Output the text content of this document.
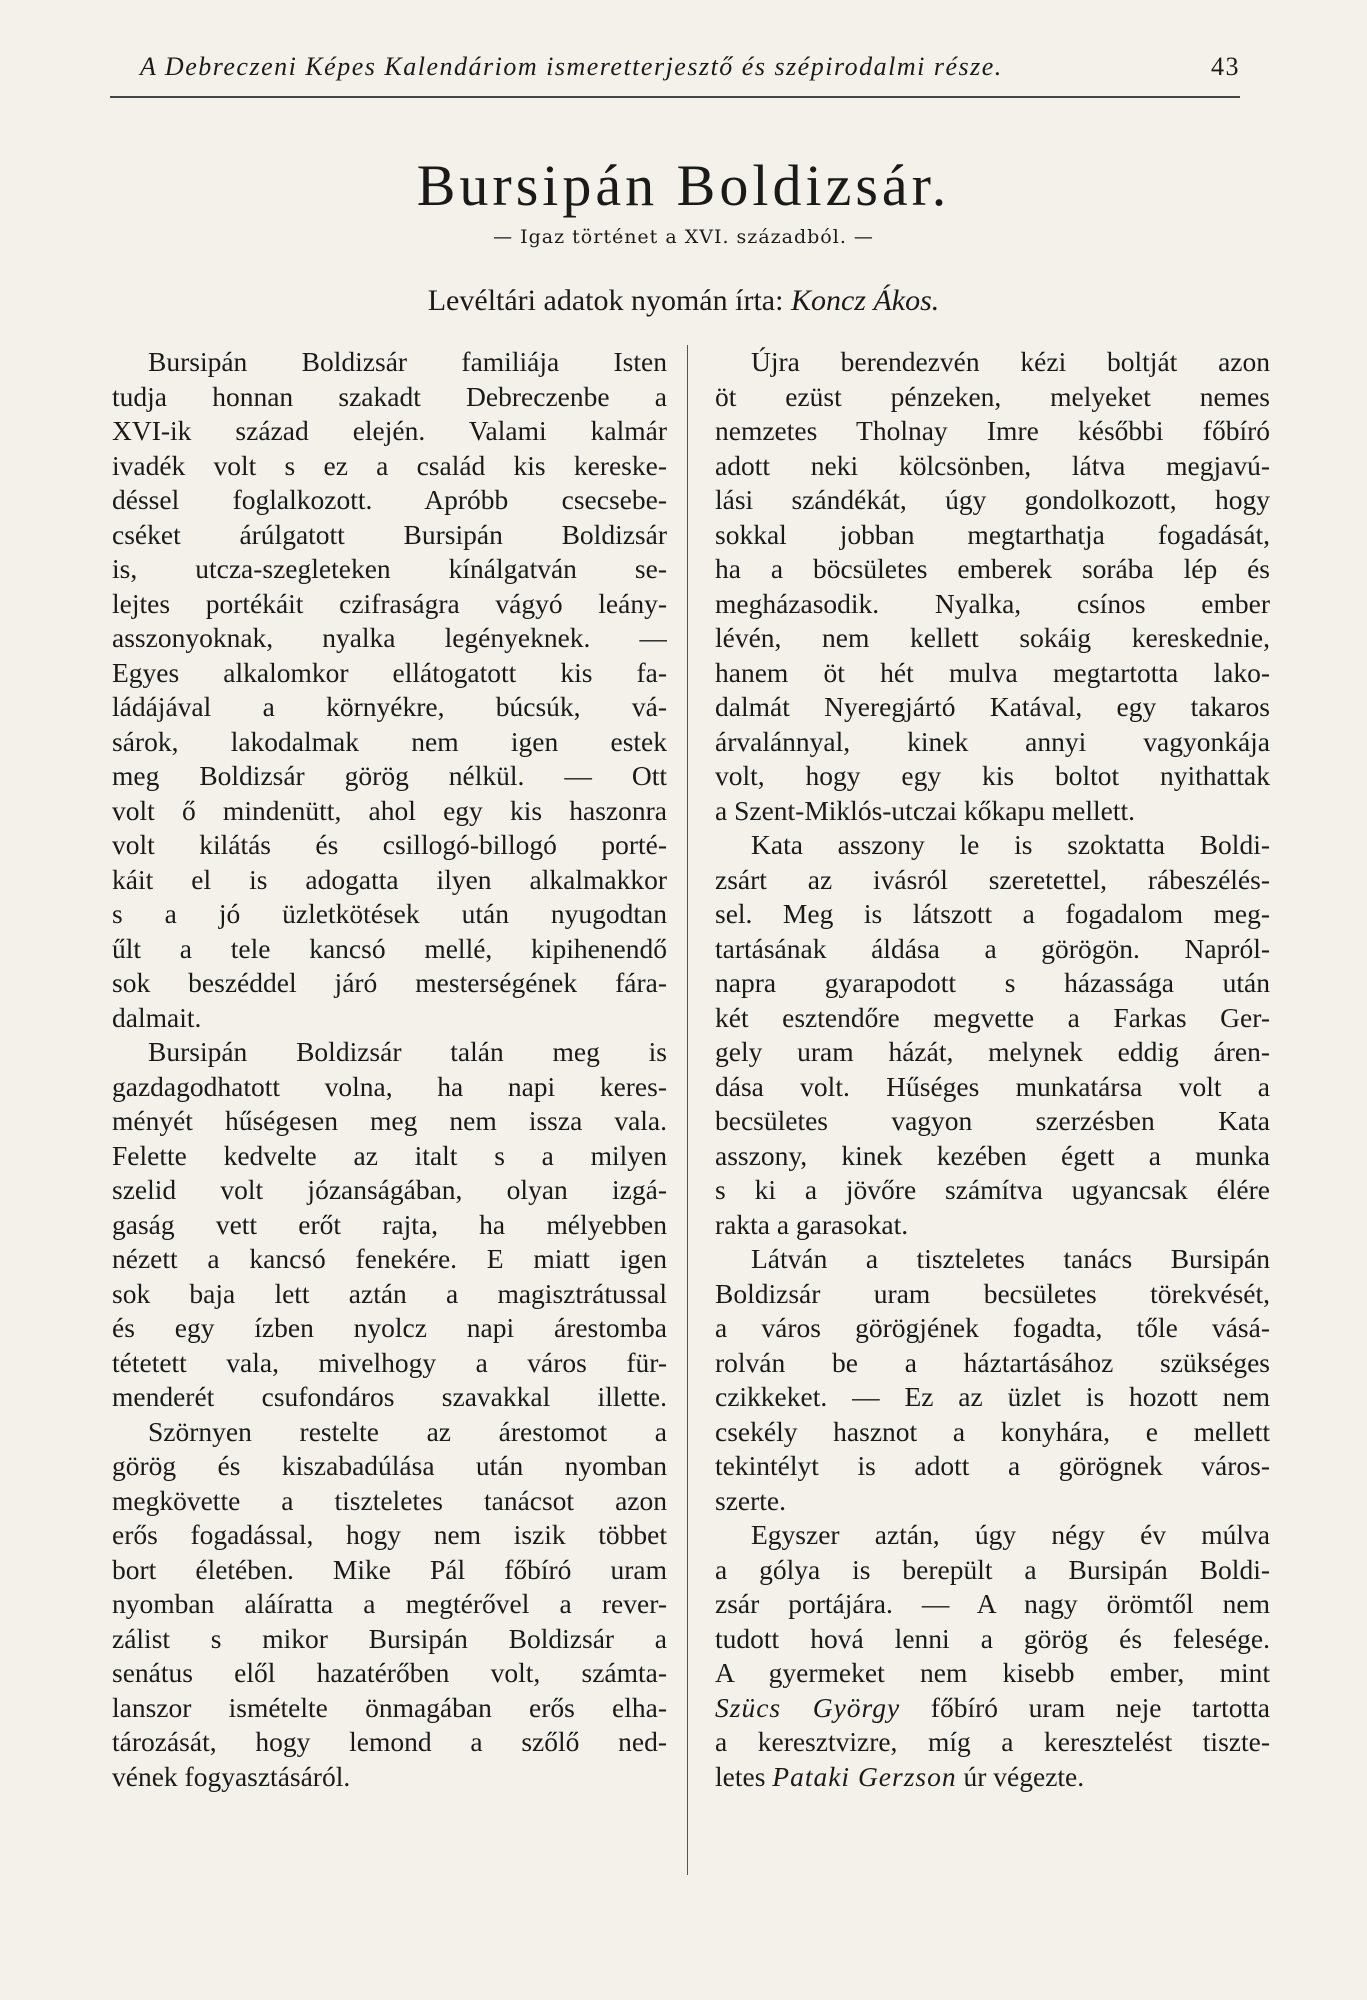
A Debreczeni Képes Kalendáriom ismeretterjesztő és szépirodalmi része.	43
Bursipán Boldizsár.
— Igaz történet a XVI. századból. —
Levéltári adatok nyomán írta: Koncz Ákos.
Bursipán Boldizsár familiája Isten
tudja honnan szakadt Debreczenbe a
XVI-ik század elején. Valami kalmár
ivadék volt s ez a család kis kereske-
déssel foglalkozott. Apróbb csecsebe-
cséket árúlgatott Bursipán Boldizsár
is, utcza-szegleteken kínálgatván se-
lejtes portékáit czifraságra vágyó leány-
asszonyoknak, nyalka legényeknek. —
Egyes alkalomkor ellátogatott kis fa-
ládájával a környékre, búcsúk, vá-
sárok, lakodalmak nem igen estek
meg Boldizsár görög nélkül. — Ott
volt ő mindenütt, ahol egy kis haszonra
volt kilátás és csillogó-billogó porté-
káit el is adogatta ilyen alkalmakkor
s a jó üzletkötések után nyugodtan
űlt a tele kancsó mellé, kipihenendő
sok beszéddel járó mesterségének fára-
dalmait.
Bursipán Boldizsár talán meg is
gazdagodhatott volna, ha napi keres-
ményét hűségesen meg nem issza vala.
Felette kedvelte az italt s a milyen
szelid volt józanságában, olyan izgá-
gaság vett erőt rajta, ha mélyebben
nézett a kancsó fenekére. E miatt igen
sok baja lett aztán a magisztrátussal
és egy ízben nyolcz napi árestomba
tétetett vala, mivelhogy a város für-
menderét csufondáros szavakkal illette.
Szörnyen restelte az árestomot a
görög és kiszabadúlása után nyomban
megkövette a tiszteletes tanácsot azon
erős fogadással, hogy nem iszik többet
bort életében. Mike Pál főbíró uram
nyomban aláíratta a megtérővel a rever-
zálist s mikor Bursipán Boldizsár a
senátus elől hazatérőben volt, számta-
lanszor ismételte önmagában erős elha-
tározását, hogy lemond a szőlő ned-
vének fogyasztásáról.
Újra berendezvén kézi boltját azon
öt ezüst pénzeken, melyeket nemes
nemzetes Tholnay Imre későbbi főbíró
adott neki kölcsönben, látva megjavú-
lási szándékát, úgy gondolkozott, hogy
sokkal jobban megtarthatja fogadását,
ha a böcsületes emberek sorába lép és
megházasodik. Nyalka, csínos ember
lévén, nem kellett sokáig kereskednie,
hanem öt hét mulva megtartotta lako-
dalmát Nyeregjártó Katával, egy takaros
árvalánnyal, kinek annyi vagyonkája
volt, hogy egy kis boltot nyithattak
a Szent-Miklós-utczai kőkapu mellett.
Kata asszony le is szoktatta Boldi-
zsárt az ivásról szeretettel, rábeszélés-
sel. Meg is látszott a fogadalom meg-
tartásának áldása a görögön. Napról-
napra gyarapodott s házassága után
két esztendőre megvette a Farkas Ger-
gely uram házát, melynek eddig áren-
dása volt. Hűséges munkatársa volt a
becsületes vagyon szerzésben Kata
asszony, kinek kezében égett a munka
s ki a jövőre számítva ugyancsak élére
rakta a garasokat.
Látván a tiszteletes tanács Bursipán
Boldizsár uram becsületes törekvését,
a város görögjének fogadta, tőle vásá-
rolván be a háztartásához szükséges
czikkeket. — Ez az üzlet is hozott nem
csekély hasznot a konyhára, e mellett
tekintélyt is adott a görögnek város-
szerte.
Egyszer aztán, úgy négy év múlva
a gólya is berepült a Bursipán Boldi-
zsár portájára. — A nagy örömtől nem
tudott hová lenni a görög és felesége.
A gyermeket nem kisebb ember, mint
Szücs György főbíró uram neje tartotta
a keresztvizre, míg a keresztelést tiszte-
letes Pataki Gerzson úr végezte.
